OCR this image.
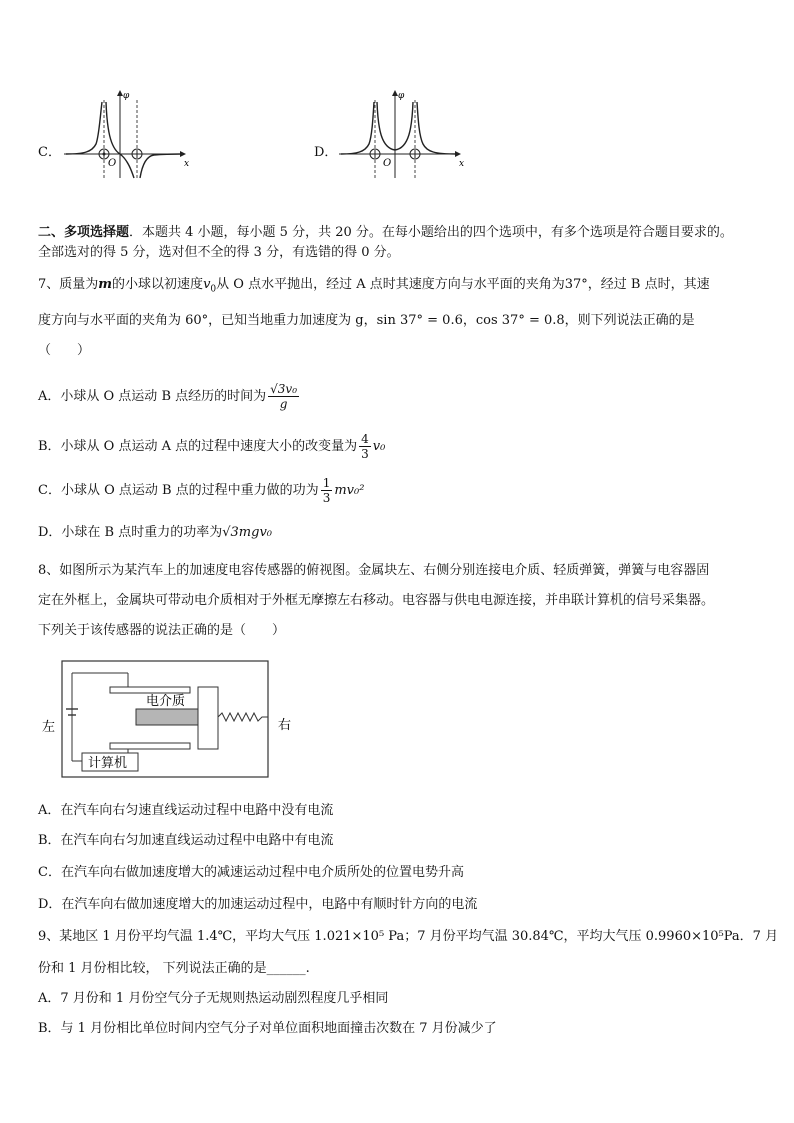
C．
φ
x
O
D．
φ
x
O
二、多项选择题．本题共 4 小题，每小题 5 分，共 20 分。在每小题给出的四个选项中，有多个选项是符合题目要求的。
全部选对的得 5 分，选对但不全的得 3 分，有选错的得 0 分。
7、质量为m的小球以初速度$v_0$从 O 点水平抛出，经过 A 点时其速度方向与水平面的夹角为37°，经过 B 点时，其速
度方向与水平面的夹角为 60°，已知当地重力加速度为 g，sin 37° = 0.6，cos 37° = 0.8，则下列说法正确的是
（　　）
A．小球从 O 点运动 B 点经历的时间为 $\frac{\text{√3v₀}}{g}$
B．小球从 O 点运动 A 点的过程中速度大小的改变量为 $\frac{4}{3} v_0$
C．小球从 O 点运动 B 点的过程中重力做的功为 $\frac{1}{3} mv_0^2$
D．小球在 B 点时重力的功率为√3mgv₀
8、如图所示为某汽车上的加速度电容传感器的俯视图。金属块左、右侧分别连接电介质、轻质弹簧，弹簧与电容器固
定在外框上，金属块可带动电介质相对于外框无摩擦左右移动。电容器与供电电源连接，并串联计算机的信号采集器。
下列关于该传感器的说法正确的是（　　）
左	右
电介质
计算机
A．在汽车向右匀速直线运动过程中电路中没有电流
B．在汽车向右匀加速直线运动过程中电路中有电流
C．在汽车向右做加速度增大的减速运动过程中电介质所处的位置电势升高
D．在汽车向右做加速度增大的加速运动过程中，电路中有顺时针方向的电流
9、某地区 1 月份平均气温 1.4℃，平均大气压 1.021×10⁵ Pa；7 月份平均气温 30.84℃，平均大气压 0.9960×10⁵Pa．7 月
份和 1 月份相比较， 下列说法正确的是______.
A．7 月份和 1 月份空气分子无规则热运动剧烈程度几乎相同
B．与 1 月份相比单位时间内空气分子对单位面积地面撞击次数在 7 月份减少了
